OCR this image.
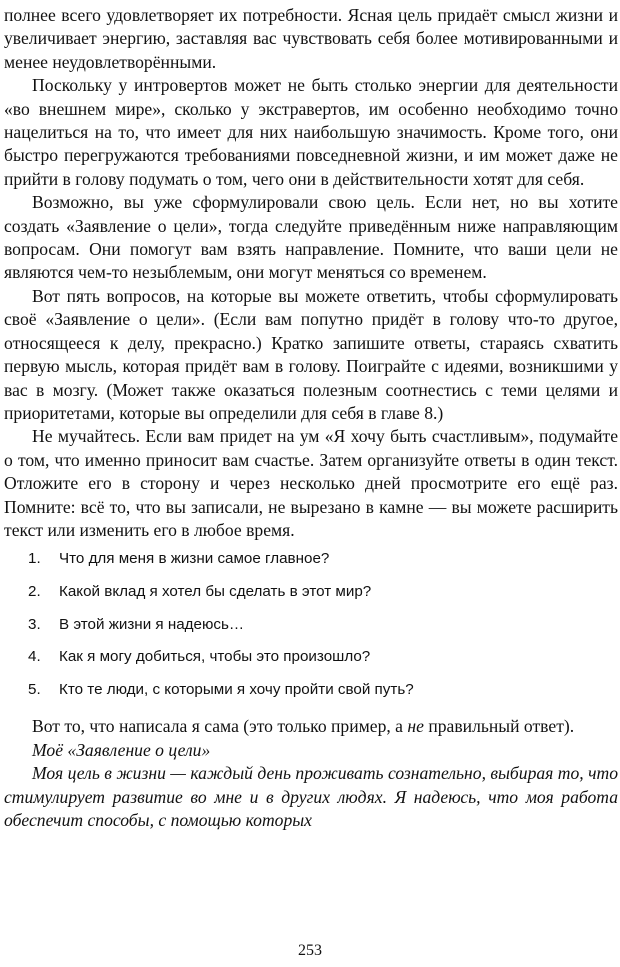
полнее всего удовлетворяет их потребности. Ясная цель придаёт смысл жизни и увеличивает энергию, заставляя вас чувствовать себя более мотивированными и менее неудовлетворёнными.

Поскольку у интровертов может не быть столько энергии для деятельности «во внешнем мире», сколько у экстравертов, им особенно необходимо точно нацелиться на то, что имеет для них наибольшую значимость. Кроме того, они быстро перегружаются требованиями повседневной жизни, и им может даже не прийти в голову подумать о том, чего они в действительности хотят для себя.

Возможно, вы уже сформулировали свою цель. Если нет, но вы хотите создать «Заявление о цели», тогда следуйте приведённым ниже направляющим вопросам. Они помогут вам взять направление. Помните, что ваши цели не являются чем-то незыблемым, они могут меняться со временем.

Вот пять вопросов, на которые вы можете ответить, чтобы сформулировать своё «Заявление о цели». (Если вам попутно придёт в голову что-то другое, относящееся к делу, прекрасно.) Кратко запишите ответы, стараясь схватить первую мысль, которая придёт вам в голову. Поиграйте с идеями, возникшими у вас в мозгу. (Может также оказаться полезным соотнестись с теми целями и приоритетами, которые вы определили для себя в главе 8.)

Не мучайтесь. Если вам придет на ум «Я хочу быть счастливым», подумайте о том, что именно приносит вам счастье. Затем организуйте ответы в один текст. Отложите его в сторону и через несколько дней просмотрите его ещё раз. Помните: всё то, что вы записали, не вырезано в камне — вы можете расширить текст или изменить его в любое время.

1.	Что для меня в жизни самое главное?
2.	Какой вклад я хотел бы сделать в этот мир?
3.	В этой жизни я надеюсь…
4.	Как я могу добиться, чтобы это произошло?
5.	Кто те люди, с которыми я хочу пройти свой путь?

Вот то, что написала я сама (это только пример, а не правильный ответ).

Моё «Заявление о цели»

Моя цель в жизни — каждый день проживать сознательно, выбирая то, что стимулирует развитие во мне и в других людях. Я надеюсь, что моя работа обеспечит способы, с помощью которых

253
